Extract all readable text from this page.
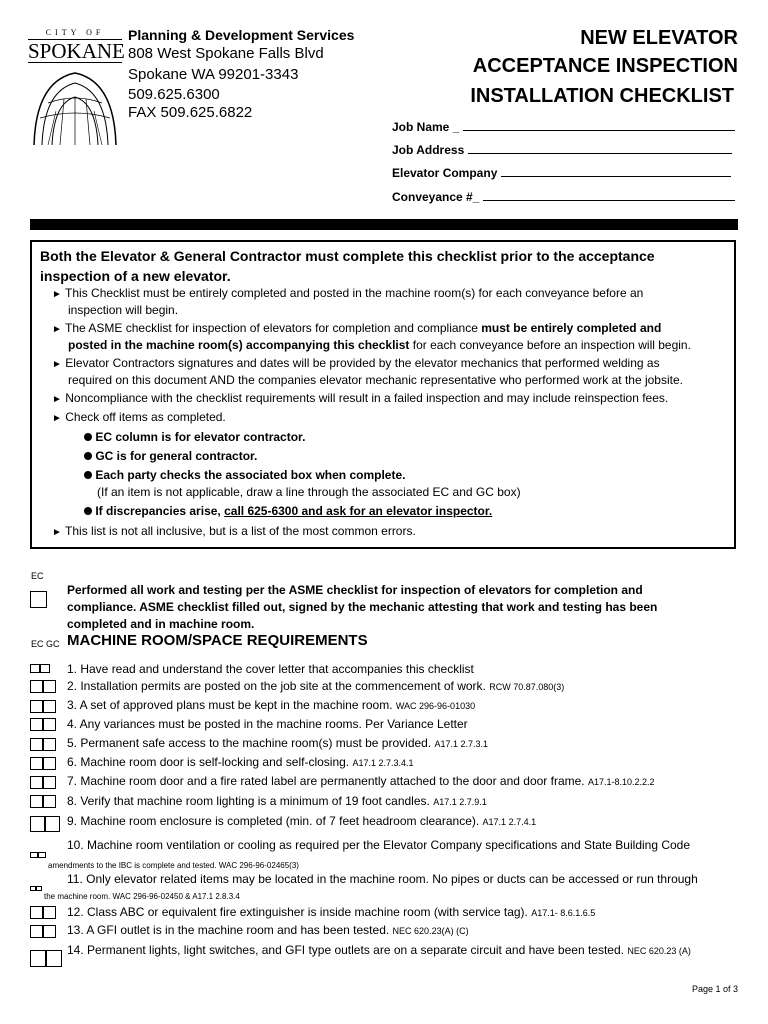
CITY OF
SPOKANE
Planning & Development Services
808 West Spokane Falls Blvd
Spokane WA 99201-3343
509.625.6300
FAX 509.625.6822
NEW ELEVATOR
ACCEPTANCE INSPECTION
INSTALLATION CHECKLIST
Job Name _
Job Address
Elevator Company
Conveyance #_
Both the Elevator & General Contractor must complete this checklist prior to the acceptance inspection of a new elevator.
► This Checklist must be entirely completed and posted in the machine room(s) for each conveyance before an
inspection will begin.
► The ASME checklist for inspection of elevators for completion and compliance must be entirely completed and
posted in the machine room(s) accompanying this checklist for each conveyance before an inspection will begin.
► Elevator Contractors signatures and dates will be provided by the elevator mechanics that performed welding as
required on this document AND the companies elevator mechanic representative who performed work at the jobsite.
► Noncompliance with the checklist requirements will result in a failed inspection and may include reinspection fees.
► Check off items as completed.
EC column is for elevator contractor.
GC is for general contractor.
Each party checks the associated box when complete.
(If an item is not applicable, draw a line through the associated EC and GC box)
If discrepancies arise, call 625-6300 and ask for an elevator inspector.
► This list is not all inclusive, but is a list of the most common errors.
EC
Performed all work and testing per the ASME checklist for inspection of elevators for completion and
compliance. ASME checklist filled out, signed by the mechanic attesting that work and testing has been
completed and in machine room.
EC GC MACHINE ROOM/SPACE REQUIREMENTS
1. Have read and understand the cover letter that accompanies this checklist
2. Installation permits are posted on the job site at the commencement of work. RCW 70.87.080(3)
3. A set of approved plans must be kept in the machine room. WAC 296-96-01030
4. Any variances must be posted in the machine rooms. Per Variance Letter
5. Permanent safe access to the machine room(s) must be provided. A17.1 2.7.3.1
6. Machine room door is self-locking and self-closing. A17.1 2.7.3.4.1
7. Machine room door and a fire rated label are permanently attached to the door and door frame. A17.1-8.10.2.2.2
8. Verify that machine room lighting is a minimum of 19 foot candles. A17.1 2.7.9.1
9. Machine room enclosure is completed (min. of 7 feet headroom clearance). A17.1 2.7.4.1
10. Machine room ventilation or cooling as required per the Elevator Company specifications and State Building Code
amendments to the IBC is complete and tested. WAC 296-96-02465(3)
11. Only elevator related items may be located in the machine room. No pipes or ducts can be accessed or run through
the machine room. WAC 296-96-02450 & A17.1 2.8.3.4
12. Class ABC or equivalent fire extinguisher is inside machine room (with service tag). A17.1- 8.6.1.6.5
13. A GFI outlet is in the machine room and has been tested. NEC 620.23(A) (C)
14. Permanent lights, light switches, and GFI type outlets are on a separate circuit and have been tested. NEC 620.23 (A)
Page 1 of 3
